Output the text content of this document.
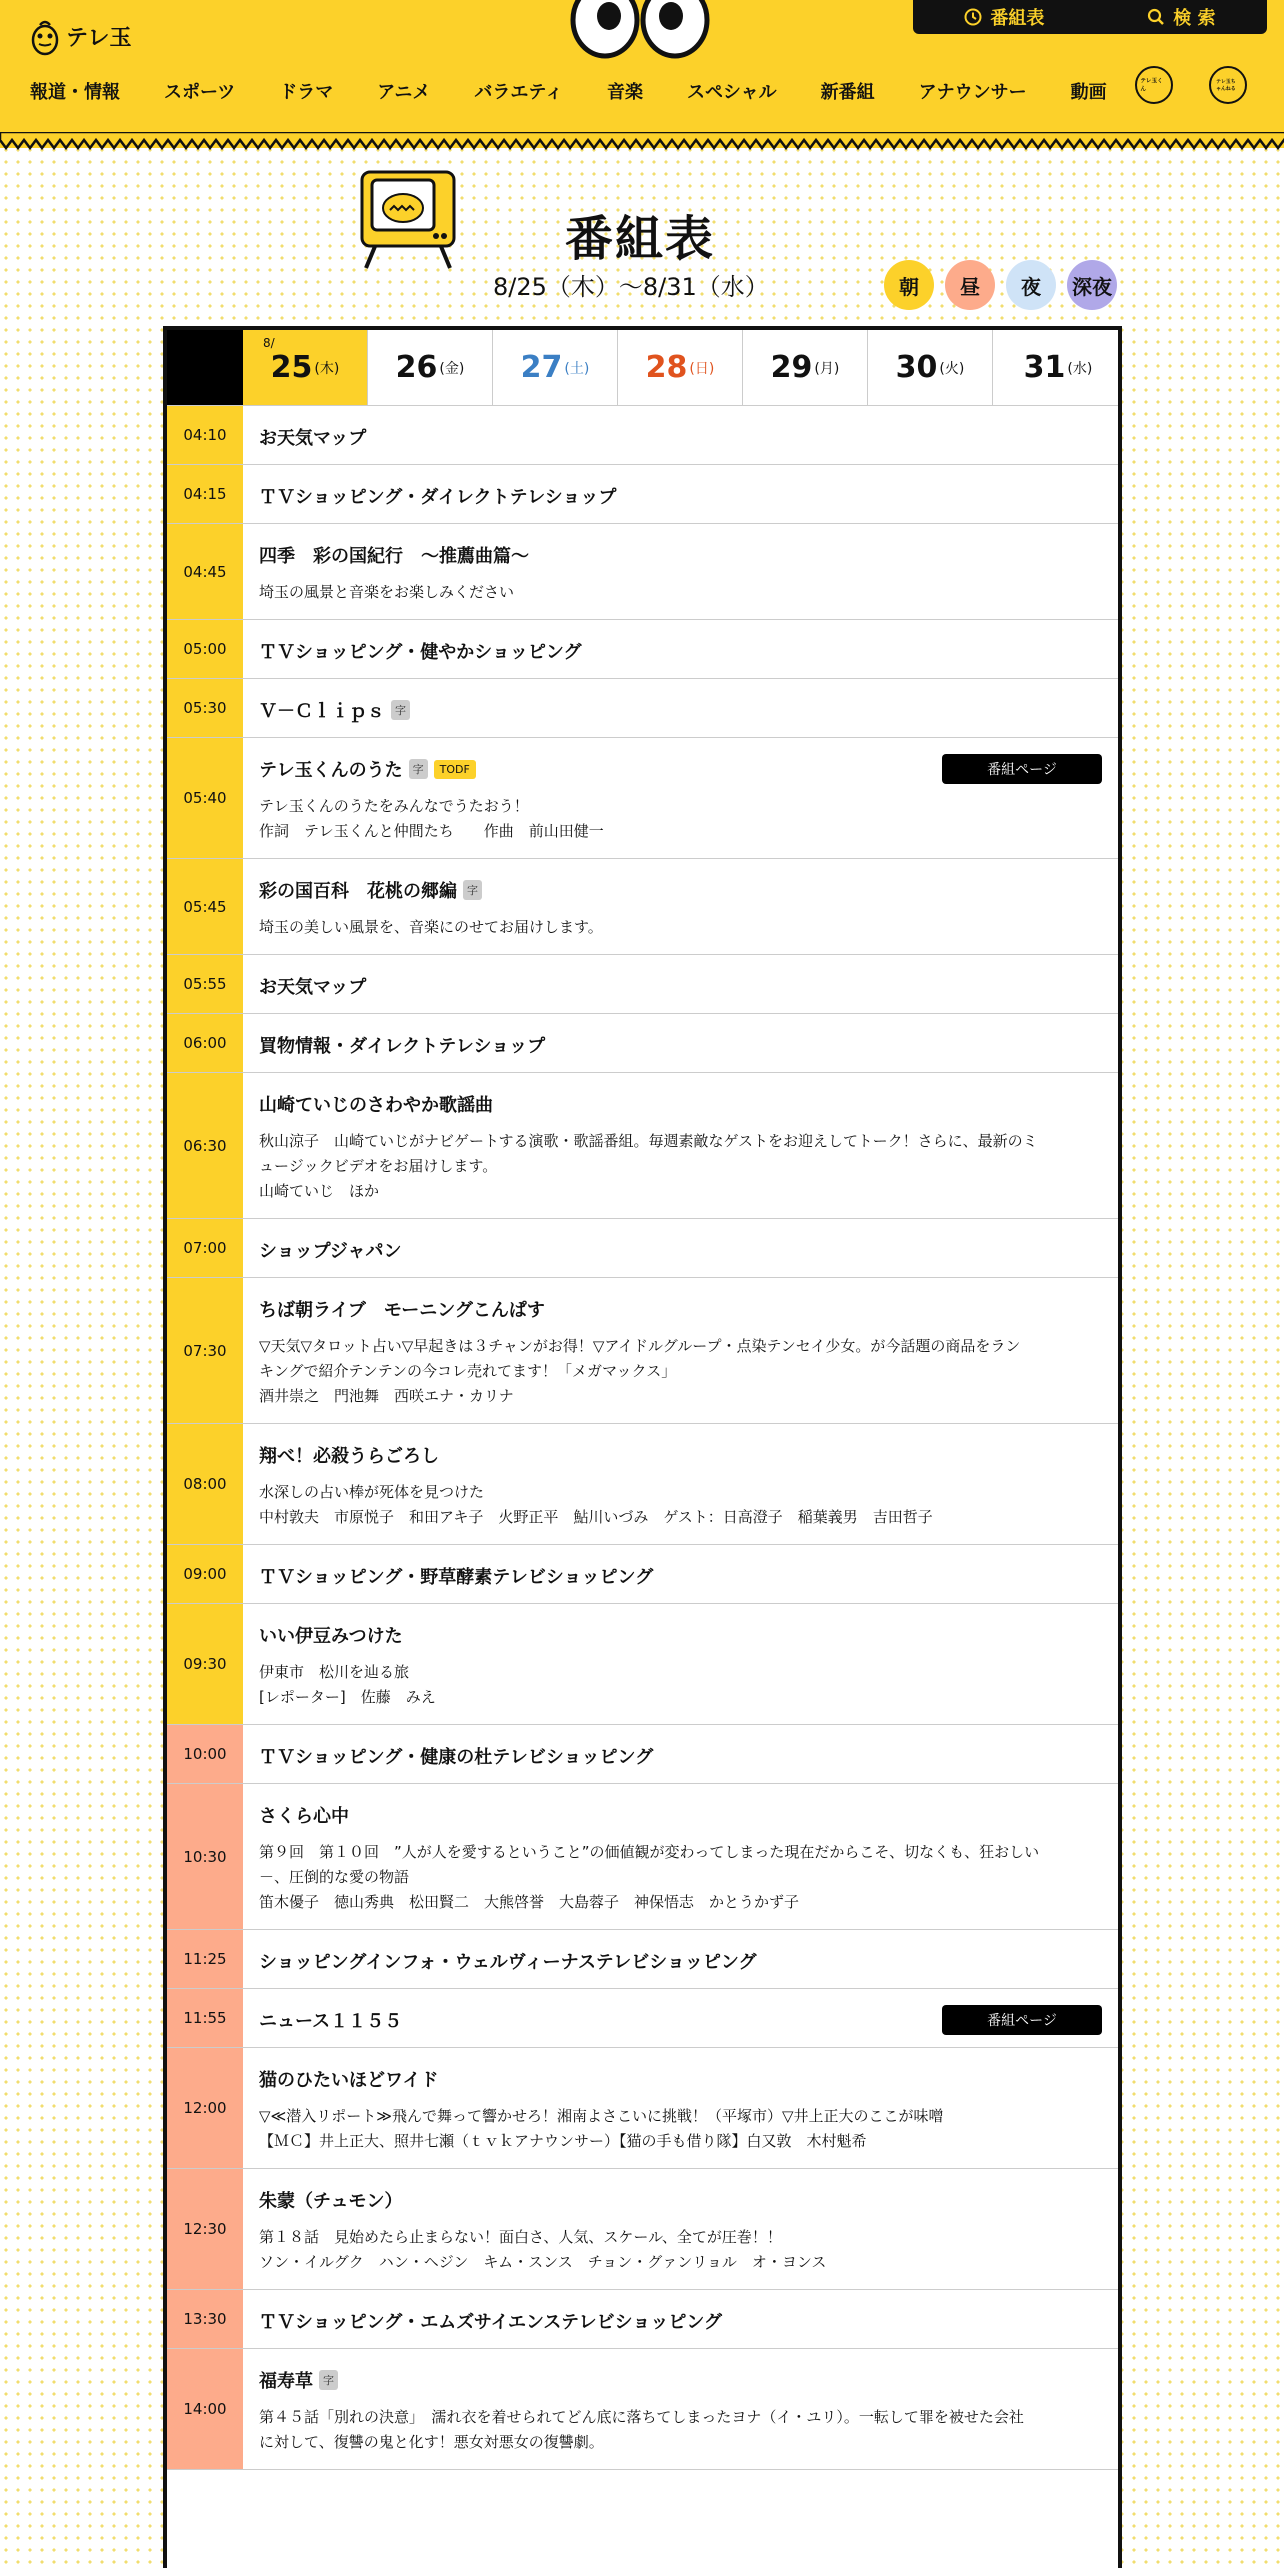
テレ玉
番組表	検 索
報道・情報 スポーツ ドラマ アニメ バラエティ 音楽 スペシャル 新番組 アナウンサー 動画
テレ玉くん
テレ玉ちゃんねる
番組表
8/25（木）〜8/31（水）	朝 昼 夜 深夜
8/
25 (木) 26 (金) 27 (土) 28 (日) 29 (月) 30 (火) 31 (水)
04:10	お天気マップ
04:15	ＴＶショッピング・ダイレクトテレショップ
04:45
四季　彩の国紀行　～推薦曲篇～
埼玉の風景と音楽をお楽しみください
05:00	ＴＶショッピング・健やかショッピング
05:30	Ｖ－Ｃｌｉｐｓ 字
05:40
テレ玉くんのうた 字	TODF
テレ玉くんのうたをみんなでうたおう！
作詞　テレ玉くんと仲間たち　　作曲　前山田健一
番組ページ
05:45
彩の国百科　花桃の郷編 字
埼玉の美しい風景を、音楽にのせてお届けします。
05:55	お天気マップ
06:00	買物情報・ダイレクトテレショップ
06:30
山崎ていじのさわやか歌謡曲
秋山涼子　山崎ていじがナビゲートする演歌・歌謡番組。毎週素敵なゲストをお迎えしてトーク！さらに、最新のミ
ュージックビデオをお届けします。
山崎ていじ　ほか
07:00	ショップジャパン
07:30
ちば朝ライブ　モーニングこんぱす
▽天気▽タロット占い▽早起きは３チャンがお得！▽アイドルグループ・点染テンセイ少女。が今話題の商品をラン
キングで紹介テンテンの今コレ売れてます！「メガマックス」
酒井崇之　門池舞　西咲エナ・カリナ
08:00
翔べ！必殺うらごろし
水深しの占い棒が死体を見つけた
中村敦夫　市原悦子　和田アキ子　火野正平　鮎川いづみ　ゲスト：日高澄子　稲葉義男　吉田哲子
09:00	ＴＶショッピング・野草酵素テレビショッピング
09:30
いい伊豆みつけた
伊東市　松川を辿る旅
[レポーター]　佐藤　みえ
10:00	ＴＶショッピング・健康の杜テレビショッピング
10:30
さくら心中
第９回　第１０回　”人が人を愛するということ”の価値観が変わってしまった現在だからこそ、切なくも、狂おしい
－、圧倒的な愛の物語
笛木優子　徳山秀典　松田賢二　大熊啓誉　大島蓉子　神保悟志　かとうかず子
11:25	ショッピングインフォ・ウェルヴィーナステレビショッピング
11:55	ニュース１１５５	番組ページ
12:00
猫のひたいほどワイド
▽≪潜入リポート≫飛んで舞って響かせろ！湘南よさこいに挑戦！（平塚市）▽井上正大のここが味噌
【ＭＣ】井上正大、照井七瀬（ｔｖｋアナウンサー）【猫の手も借り隊】白又敦　木村魁希
12:30
朱蒙（チュモン）
第１８話　見始めたら止まらない！面白さ、人気、スケール、全てが圧巻！！
ソン・イルグク　ハン・ヘジン　キム・スンス　チョン・グァンリョル　オ・ヨンス
13:30	ＴＶショッピング・エムズサイエンステレビショッピング
14:00
福寿草 字
第４５話「別れの決意」　濡れ衣を着せられてどん底に落ちてしまったヨナ（イ・ユリ）。一転して罪を被せた会社
に対して、復讐の鬼と化す！悪女対悪女の復讐劇。
